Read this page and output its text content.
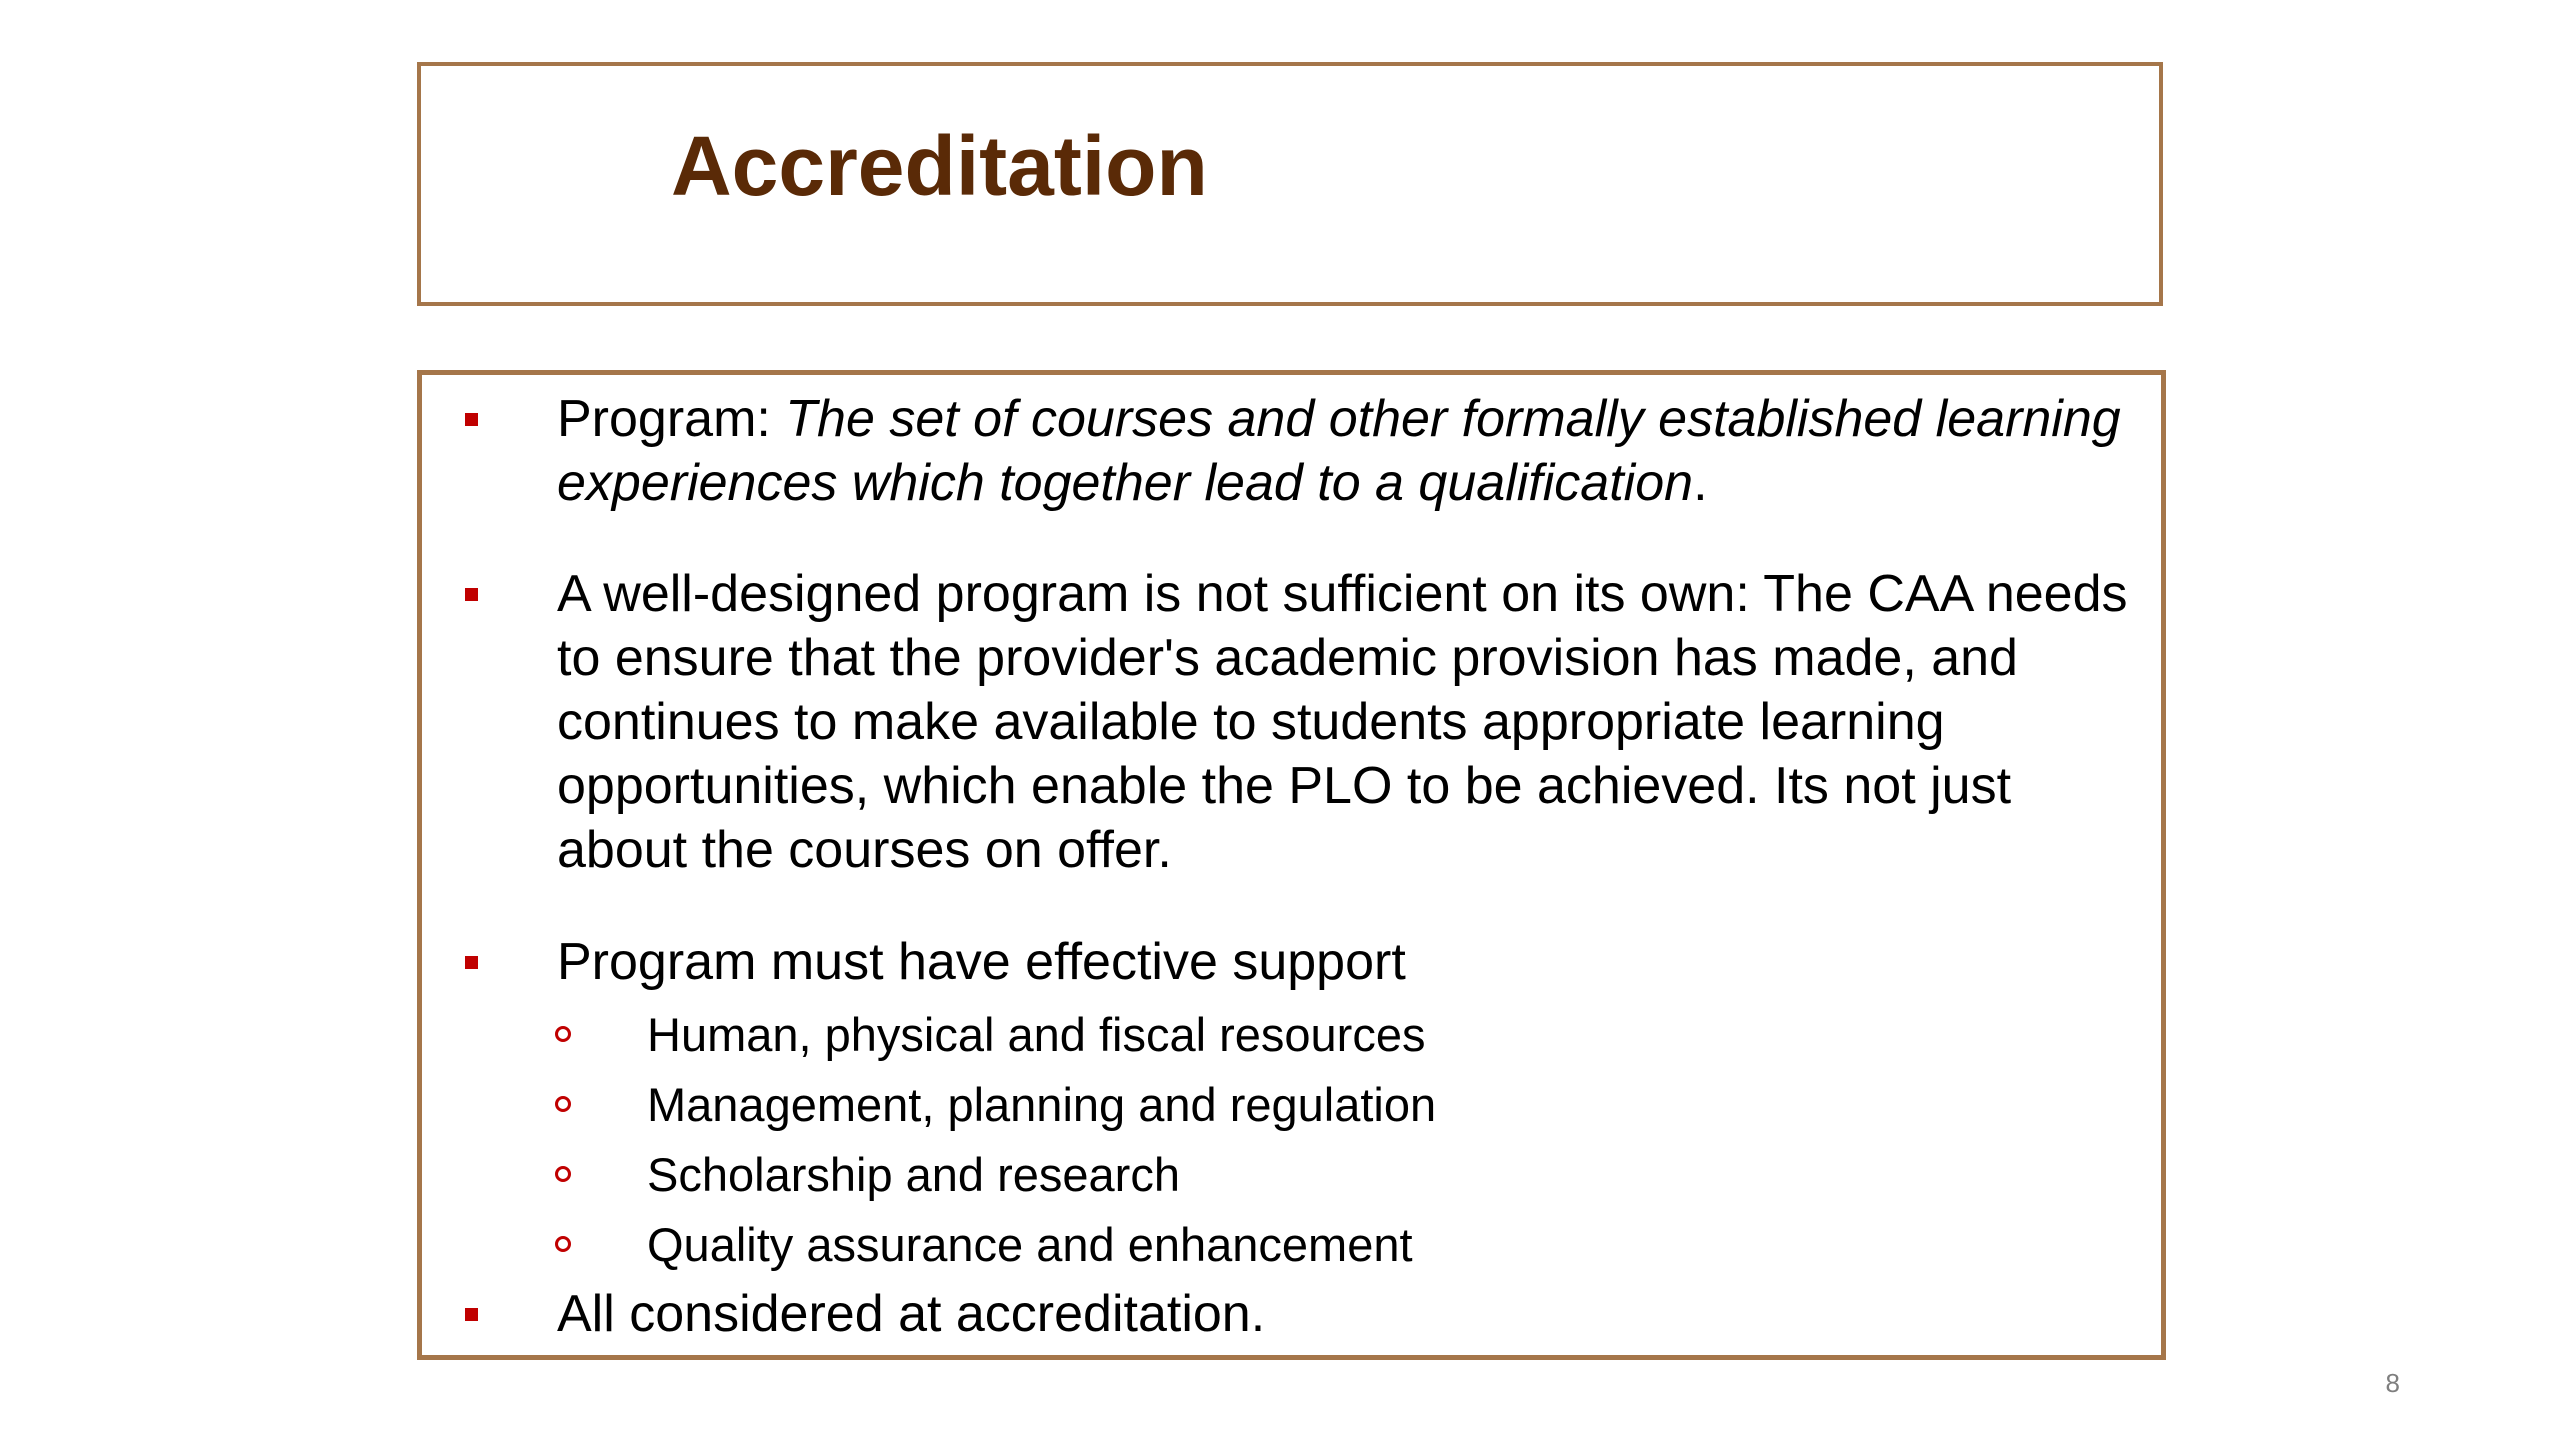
Accreditation
Program: The set of courses and other formally established learning experiences which together lead to a qualification.
A well-designed program is not sufficient on its own: The CAA needs to ensure that the provider's academic provision has made, and continues to make available to students appropriate learning opportunities, which enable the PLO to be achieved. Its not just about the courses on offer.
Program must have effective support
Human, physical and fiscal resources
Management, planning and regulation
Scholarship and research
Quality assurance and enhancement
All considered at accreditation.
8
